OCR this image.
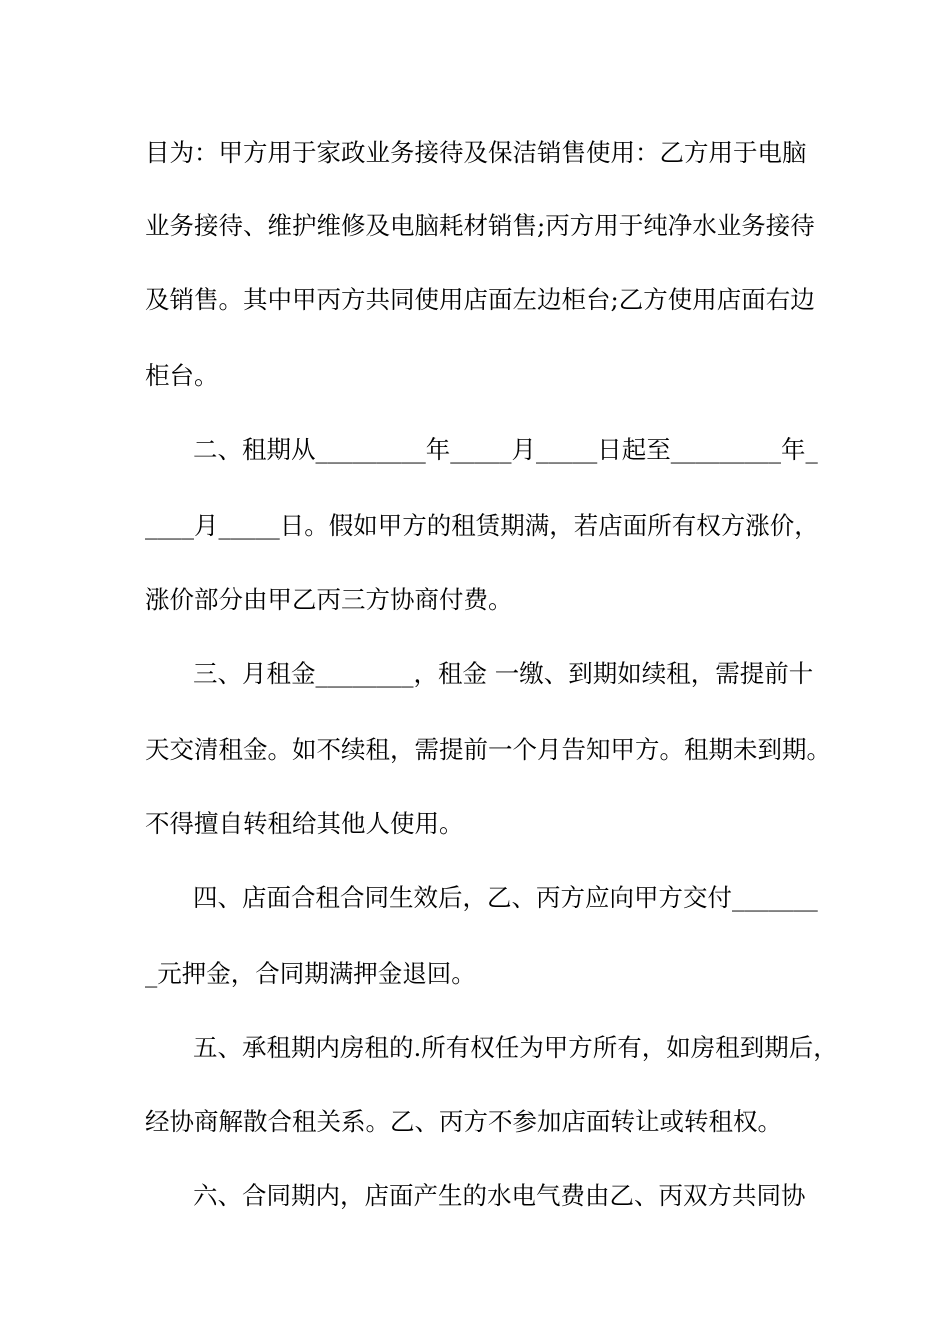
目为：甲方用于家政业务接待及保洁销售使用：乙方用于电脑
业务接待、维护维修及电脑耗材销售;丙方用于纯净水业务接待
及销售。其中甲丙方共同使用店面左边柜台;乙方使用店面右边
柜台。
二、租期从_________年_____月_____日起至_________年_
____月_____日。假如甲方的租赁期满，若店面所有权方涨价，
涨价部分由甲乙丙三方协商付费。
三、月租金________，租金 一缴、到期如续租，需提前十
天交清租金。如不续租，需提前一个月告知甲方。租期未到期。
不得擅自转租给其他人使用。
四、店面合租合同生效后，乙、丙方应向甲方交付_______
_元押金，合同期满押金退回。
五、承租期内房租的.所有权任为甲方所有，如房租到期后，
经协商解散合租关系。乙、丙方不参加店面转让或转租权。
六、合同期内，店面产生的水电气费由乙、丙双方共同协
